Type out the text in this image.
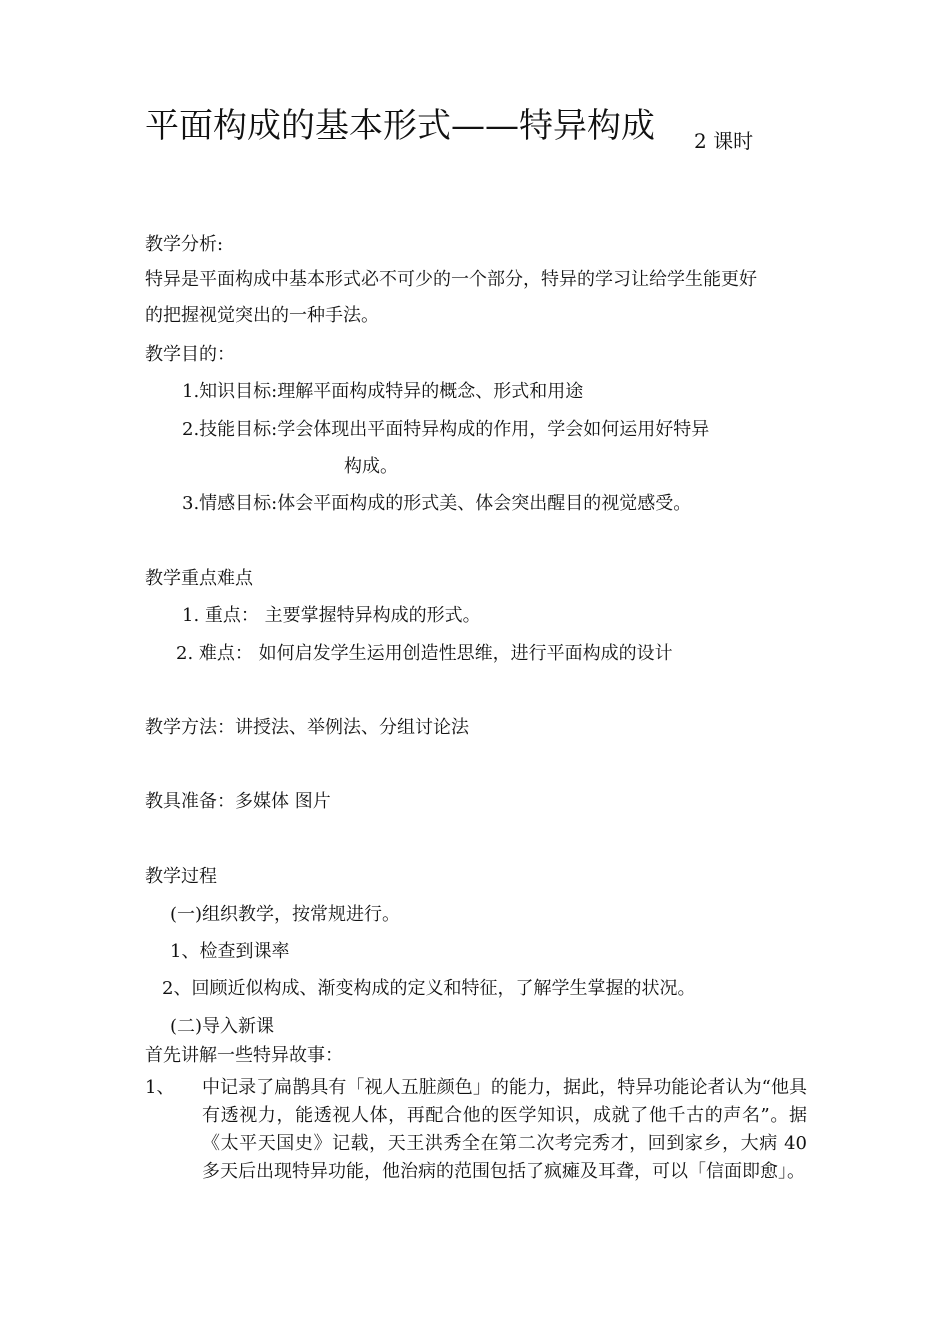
平面构成的基本形式——特异构成 2 课时
教学分析:
特异是平面构成中基本形式必不可少的一个部分，特异的学习让给学生能更好
的把握视觉突出的一种手法。
教学目的：
1.知识目标:理解平面构成特异的概念、形式和用途
2.技能目标:学会体现出平面特异构成的作用，学会如何运用好特异
构成。
3.情感目标:体会平面构成的形式美、体会突出醒目的视觉感受。
教学重点难点
1. 重点： 主要掌握特异构成的形式。
2. 难点： 如何启发学生运用创造性思维，进行平面构成的设计
教学方法：讲授法、举例法、分组讨论法
教具准备：多媒体 图片
教学过程
(一)组织教学，按常规进行。
1、检查到课率
2、回顾近似构成、渐变构成的定义和特征，了解学生掌握的状况。
(二)导入新课
首先讲解一些特异故事：
1、 中记录了扁鹊具有「视人五脏颜色」的能力，据此，特异功能论者认为“他具有透视力，能透视人体，再配合他的医学知识，成就了他千古的声名”。据《太平天国史》记载，天王洪秀全在第二次考完秀才，回到家乡，大病 40 多天后出现特异功能，他治病的范围包括了疯瘫及耳聋，可以「信面即愈」。
